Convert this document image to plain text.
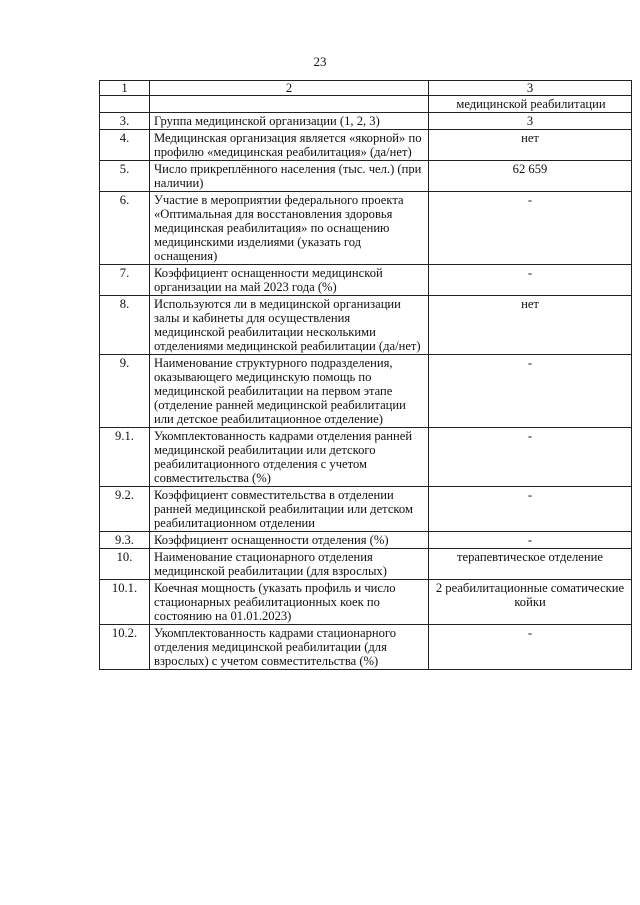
23
1	2	3
		медицинской реабилитации
3.	Группа медицинской организации (1, 2, 3)	3
4.	Медицинская организация является «якорной» по профилю «медицинская реабилитация» (да/нет)	нет
5.	Число прикреплённого населения (тыс. чел.) (при наличии)	62 659
6.	Участие в мероприятии федерального проекта «Оптимальная для восстановления здоровья медицинская реабилитация» по оснащению медицинскими изделиями (указать год оснащения)	-
7.	Коэффициент оснащенности медицинской организации на май 2023 года (%)	-
8.	Используются ли в медицинской организации залы и кабинеты для осуществления медицинской реабилитации несколькими отделениями медицинской реабилитации (да/нет)	нет
9.	Наименование структурного подразделения, оказывающего медицинскую помощь по медицинской реабилитации на первом этапе (отделение ранней медицинской реабилитации или детское реабилитационное отделение)	-
9.1.	Укомплектованность кадрами отделения ранней медицинской реабилитации или детского реабилитационного отделения с учетом совместительства (%)	-
9.2.	Коэффициент совместительства в отделении ранней медицинской реабилитации или детском реабилитационном отделении	-
9.3.	Коэффициент оснащенности отделения (%)	-
10.	Наименование стационарного отделения медицинской реабилитации (для взрослых)	терапевтическое отделение
10.1.	Коечная мощность (указать профиль и число стационарных реабилитационных коек по состоянию на 01.01.2023)	2 реабилитационные соматические койки
10.2.	Укомплектованность кадрами стационарного отделения медицинской реабилитации (для взрослых) с учетом совместительства (%)	-
